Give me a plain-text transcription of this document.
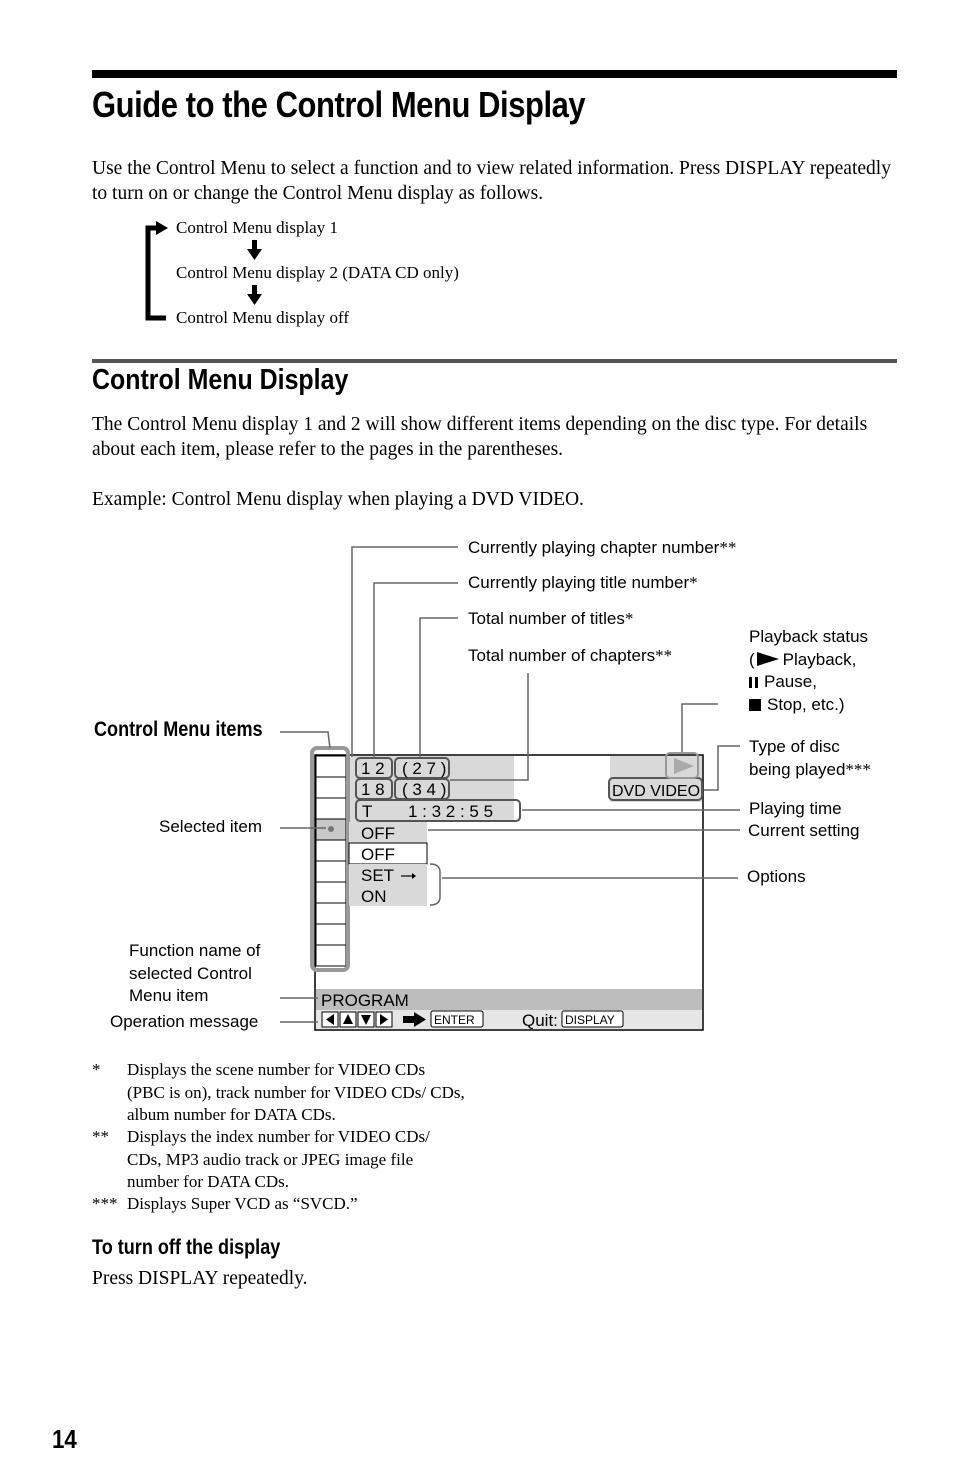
Guide to the Control Menu Display
Use the Control Menu to select a function and to view related information. Press DISPLAY repeatedly to turn on or change the Control Menu display as follows.
Control Menu display 1
Control Menu display 2 (DATA CD only)
Control Menu display off
Control Menu Display
The Control Menu display 1 and 2 will show different items depending on the disc type. For details about each item, please refer to the pages in the parentheses.
Example: Control Menu display when playing a DVD VIDEO.
1 2 ( 2 7 )
1 8 ( 3 4 )
T 1 : 3 2 : 5 5
DVD VIDEO
OFF
OFF
SET
ON
PROGRAM
ENTER	Quit: DISPLAY
Currently playing chapter number**
Currently playing title number*
Total number of titles*
Total number of chapters**
Playback status
( Playback,
Pause,
Stop, etc.)
Type of disc
being played***
Playing time
Current setting
Options
Control Menu items
Selected item
Function name of
selected Control
Menu item
Operation message
* Displays the scene number for VIDEO CDs (PBC is on), track number for VIDEO CDs/ CDs, album number for DATA CDs.
** Displays the index number for VIDEO CDs/ CDs, MP3 audio track or JPEG image file number for DATA CDs.
*** Displays Super VCD as “SVCD.”
To turn off the display
Press DISPLAY repeatedly.
14
